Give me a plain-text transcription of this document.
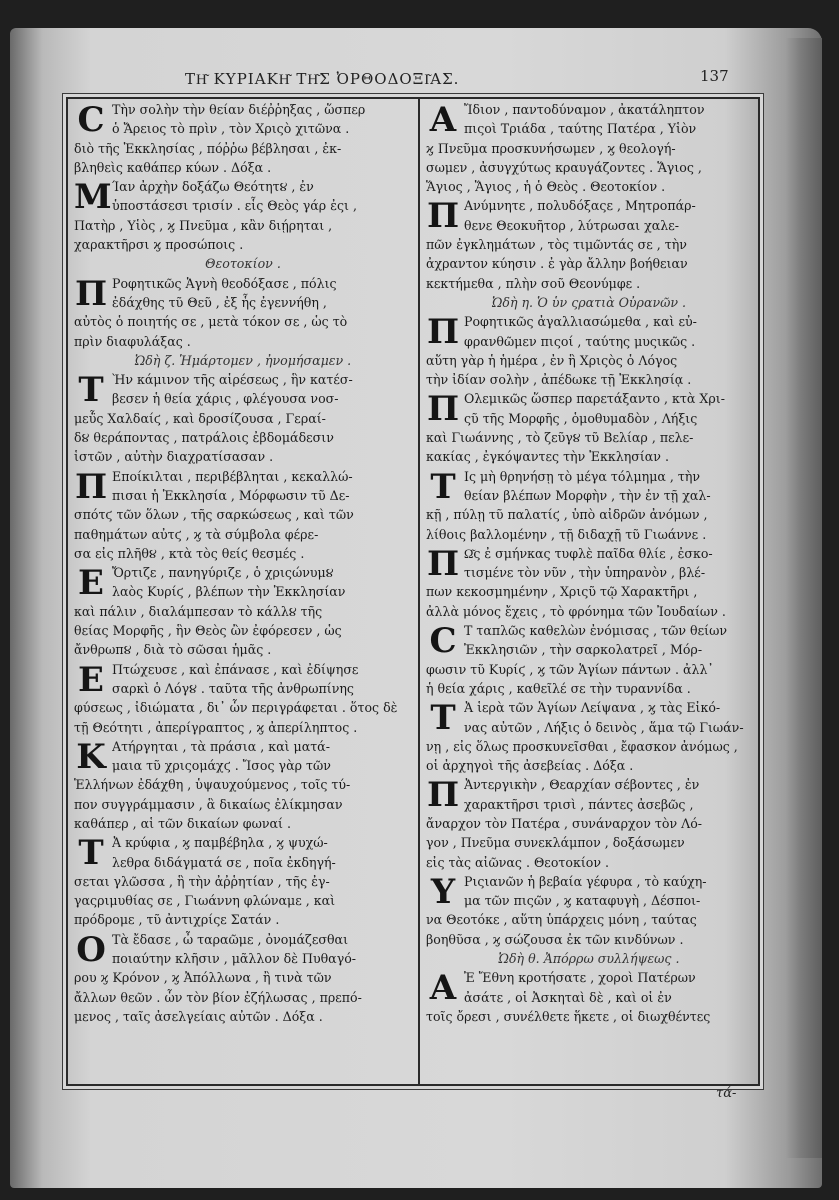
ΤΗ͂ ΚΥΡΙΑΚΗ͂ ΤΗ͂Σ ὈΡΘΟΔΟΞΙ͂ΑΣ.	137
Ϲ Τὴν σολὴν τὴν θείαν διέῤῥηξας , ὥσπερ

ὁ Ἄρειος τὸ πρὶν , τὸν Χριςὸ χιτῶνα .

διὸ τῆς Ἐκκλησίας , πόῤῥω βέβλησαι , ἐκ-

βληθεὶς καθάπερ κύων . Δόξα .

Μ Ίαν ἀρχὴν δοξάζω Θεότητ૪ , ἐν

ὑποστάσεσι τρισίν . εἷς Θεὸς γάρ ἐςι ,

Πατὴρ , Υἱὸς , ϗ Πνεῦμα , κἂν διῄρηται ,

χαρακτῆρσι ϗ προσώποις .

Θεοτοκίον .

Π Ροφητικῶς Ἁγνὴ θεοδόξασε , πόλις

ἐδάχθης τῦ Θεῦ , ἐξ ἧς ἐγεννήθη ,

αὐτὸς ὁ ποιητής σε , μετὰ τόκον σε , ὡς τὸ

πρὶν διαφυλάξας .

Ὠδὴ ζ. Ἡμάρτομεν , ἠνομήσαμεν .

Τ Ὴν κάμινον τῆς αἱρέσεως , ἣν κατέσ-

βεσεν ἡ θεία χάρις , φλέγουσα νοσ-

μεὗ̈ς Χαλδαίϛ , καὶ δροσίζουσα , Γεραί-

δ૪ θεράποντας , πατράλοις ἐβδομάδεσιν

ἱστῶν , αὐτὴν διαχρατίσασαν .

Π Εποίκιλται , περιβέβληται , κεκαλλώ-

πισαι ἡ Ἐκκλησία , Μόρφωσιν τῦ Δε-

σπότϛ τῶν ὅλων , τῆς σαρκώσεως , καὶ τῶν

παθημάτων αὐτϛ , ϗ τὰ σύμβολα φέρε-

σα εἰς πλῆθ૪ , κτὰ τὸς θείϛ θεσμές .

Ε Ὄρτιζε , πανηγύριζε , ὁ χριςώνυμ૪

λαὸς Κυρίϛ , βλέπων τὴν Ἐκκλησίαν

καὶ πάλιν , διαλάμπεσαν τὸ κάλλ૪ τῆς

θείας Μορφῆς , ἣν Θεὸς ὢν ἐφόρεσεν , ὡς

ἄνθρωπ૪ , διὰ τὸ σῶσαι ἡμᾶς .

Ε Πτώχευσε , καὶ ἐπάνασε , καὶ ἐδίψησε

σαρκὶ ὁ Λόγ૪ . ταῦτα τῆς ἀνθρωπίνης

φύσεως , ἰδιώματα , δι᾽ ὧν περιγράφεται . ὅτος δὲ

τῇ Θεότητι , ἀπερίγραπτος , ϗ ἀπερίληπτος .

Κ Ατήργηται , τὰ πράσια , καὶ ματά-

μαια τῦ χριςομάχϛ . Ἴσος γὰρ τῶν

Ἑλλήνων ἐδάχθη , ὑψαυχούμενος , τοῖς τύ-

πον συγγράμμασιν , ἃ δικαίως ἐλίκμησαν

καθάπερ , αἱ τῶν δικαίων φωναί .

Τ Ἀ κρύφια , ϗ παμβέβηλα , ϗ ψυχώ-

λεθρα διδάγματά σε , ποῖα ἐκδηγή-

σεται γλῶσσα , ἣ τὴν ἀῤῥητίαν , τῆς ἐγ-

γαςριμυθίας σε , Γιωάννη φλώναμε , καὶ

πρόδρομε , τῦ ἀντιχρίςε Σατάν .

Ο Τὰ ἔδασε , ὦ ταραῶμε , ὀνομάζεσθαι

ποιαύτην κλῆσιν , μᾶλλον δὲ Πυθαγό-

ρου ϗ Κρόνον , ϗ Ἀπόλλωνα , ἢ τινὰ τῶν

ἄλλων θεῶν . ὧν τὸν βίον ἐζήλωσας , πρεπό-

μενος , ταῖς ἀσελγείαις αὐτῶν . Δόξα .

Α Ἴδιον , παντοδύναμον , ἀκατάληπτον

πιςοὶ Τριάδα , ταύτης Πατέρα , Υἱὸν

ϗ Πνεῦμα προσκυνήσωμεν , ϗ θεολογή-

σωμεν , ἀσυγχύτως κραυγάζοντες . Ἅγιος ,

Ἅγιος , Ἅγιος , ἡ ὁ Θεὸς . Θεοτοκίον .

Π Ανύμνητε , πολυδόξαςε , Μητροπάρ-

θενε Θεοκυῆτορ , λύτρωσαι χαλε-

πῶν ἐγκλημάτων , τὸς τιμῶντάς σε , τὴν

ἀχραντον κύησιν . ἐ γὰρ ἄλλην βοήθειαν

κεκτήμεθα , πλὴν σοῦ Θεονύμφε .

Ὠδὴ η. Ὁ ὑν ςρατιὰ Οὐρανῶν .

Π Ροφητικῶς ἀγαλλιασώμεθα , καὶ εὐ-

φρανθῶμεν πιςοί , ταύτης μυςικῶς .

αὕτη γὰρ ἡ ἡμέρα , ἐν ἣ Χριςὸς ὁ Λόγος

τὴν ἰδίαν σολὴν , ἀπέδωκε τῇ Ἐκκλησίᾳ .

Π Ολεμικῶς ὥσπερ παρετάξαντο , κτὰ Χρι-

ςῦ τῆς Μορφῆς , ὁμοθυμαδὸν , Λήξις

καὶ Γιωάννης , τὸ ζεῦγ૪ τῦ Βελίαρ , πελε-

κακίας , ἐγκόψαντες τὴν Ἐκκλησίαν .

Τ Ις μὴ θρηνήσῃ τὸ μέγα τόλμημα , τὴν

θείαν βλέπων Μορφὴν , τὴν ἐν τῇ χαλ-

κῇ , πύλῃ τῦ παλατίϛ , ὑπὸ αἰδρῶν ἀνόμων ,

λίθοις βαλλομένην , τῇ διδαχῇ τῦ Γιωάννε .

Π Ω͂ς ἐ σμήνκας τυφλὲ παῖδα θλίε , ἐσκο-

τισμένε τὸν νῦν , τὴν ὑπηρανὸν , βλέ-

πων κεκοσμημένην , Χριςῦ τῷ Χαρακτῆρι ,

ἀλλὰ μόνος ἔχεις , τὸ φρόνημα τῶν Ἰουδαίων .

Ϲ Τ ταπλῶς καθελὼν ἐνόμισας , τῶν θείων

Ἐκκλησιῶν , τὴν σαρκολατρεῖ , Μόρ-

φωσιν τῦ Κυρίϛ , ϗ τῶν Ἁγίων πάντων . ἀλλ᾽

ἡ θεία χάρις , καθεῖλέ σε τὴν τυραννίδα .

Τ Ἀ ἱερὰ τῶν Ἁγίων Λείψανα , ϗ τὰς Εἰκό-

νας αὐτῶν , Λήξις ὁ δεινὸς , ἅμα τῷ Γιωάν-

νῃ , εἰς ὅλως προσκυνεῖσθαι , ἔφασκον ἀνόμως ,

οἱ ἀρχηγοὶ τῆς ἀσεβείας . Δόξα .

Π Ἀντεργικὴν , Θεαρχίαν σέβοντες , ἐν

χαρακτῆρσι τρισὶ , πάντες ἀσεβῶς ,

ἄναρχον τὸν Πατέρα , συνάναρχον τὸν Λό-

γον , Πνεῦμα συνεκλάμπον , δοξάσωμεν

εἰς τὰς αἰῶνας . Θεοτοκίον .

Υ Ριςιανῶν ἡ βεβαία γέφυρα , τὸ καύχη-

μα τῶν πιςῶν , ϗ καταφυγὴ , Δέσποι-

να Θεοτόκε , αὕτη ὑπάρχεις μόνη , ταύτας

βοηθῦσα , ϗ σώζουσα ἐκ τῶν κινδύνων .

Ὠδὴ θ. Ἀπόρρω συλλήψεως .

Α Ἐ Ἔθνη κροτήσατε , χοροὶ Πατέρων

ἀσάτε , οἱ Ἀσκηταὶ δὲ , καὶ οἱ ἐν

τοῖς ὄρεσι , συνέλθετε ἥκετε , οἱ διωχθέντες

τά-
